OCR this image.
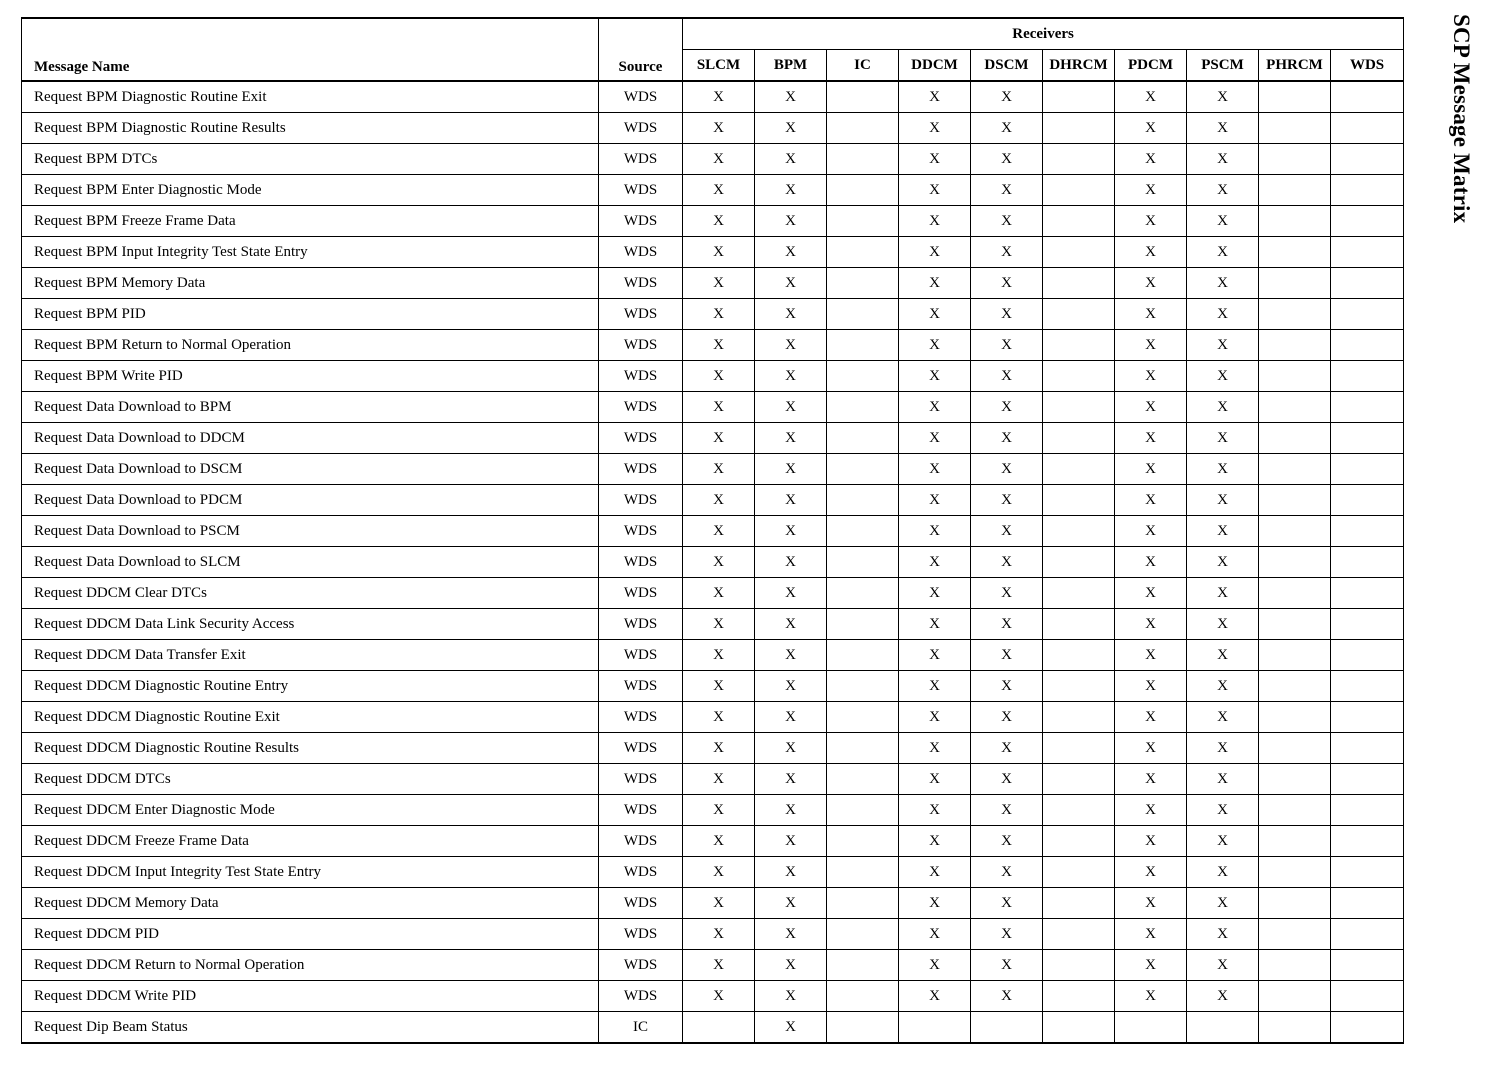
SCP Message Matrix
Message Name	Source	Receivers									
		SLCM	BPM	IC	DDCM	DSCM	DHRCM	PDCM	PSCM	PHRCM	WDS
Request BPM Diagnostic Routine Exit	WDS	X	X		X	X		X	X		
Request BPM Diagnostic Routine Results	WDS	X	X		X	X		X	X		
Request BPM DTCs	WDS	X	X		X	X		X	X		
Request BPM Enter Diagnostic Mode	WDS	X	X		X	X		X	X		
Request BPM Freeze Frame Data	WDS	X	X		X	X		X	X		
Request BPM Input Integrity Test State Entry	WDS	X	X		X	X		X	X		
Request BPM Memory Data	WDS	X	X		X	X		X	X		
Request BPM PID	WDS	X	X		X	X		X	X		
Request BPM Return to Normal Operation	WDS	X	X		X	X		X	X		
Request BPM Write PID	WDS	X	X		X	X		X	X		
Request Data Download to BPM	WDS	X	X		X	X		X	X		
Request Data Download to DDCM	WDS	X	X		X	X		X	X		
Request Data Download to DSCM	WDS	X	X		X	X		X	X		
Request Data Download to PDCM	WDS	X	X		X	X		X	X		
Request Data Download to PSCM	WDS	X	X		X	X		X	X		
Request Data Download to SLCM	WDS	X	X		X	X		X	X		
Request DDCM Clear DTCs	WDS	X	X		X	X		X	X		
Request DDCM Data Link Security Access	WDS	X	X		X	X		X	X		
Request DDCM Data Transfer Exit	WDS	X	X		X	X		X	X		
Request DDCM Diagnostic Routine Entry	WDS	X	X		X	X		X	X		
Request DDCM Diagnostic Routine Exit	WDS	X	X		X	X		X	X		
Request DDCM Diagnostic Routine Results	WDS	X	X		X	X		X	X		
Request DDCM DTCs	WDS	X	X		X	X		X	X		
Request DDCM Enter Diagnostic Mode	WDS	X	X		X	X		X	X		
Request DDCM Freeze Frame Data	WDS	X	X		X	X		X	X		
Request DDCM Input Integrity Test State Entry	WDS	X	X		X	X		X	X		
Request DDCM Memory Data	WDS	X	X		X	X		X	X		
Request DDCM PID	WDS	X	X		X	X		X	X		
Request DDCM Return to Normal Operation	WDS	X	X		X	X		X	X		
Request DDCM Write PID	WDS	X	X		X	X		X	X		
Request Dip Beam Status	IC		X								
